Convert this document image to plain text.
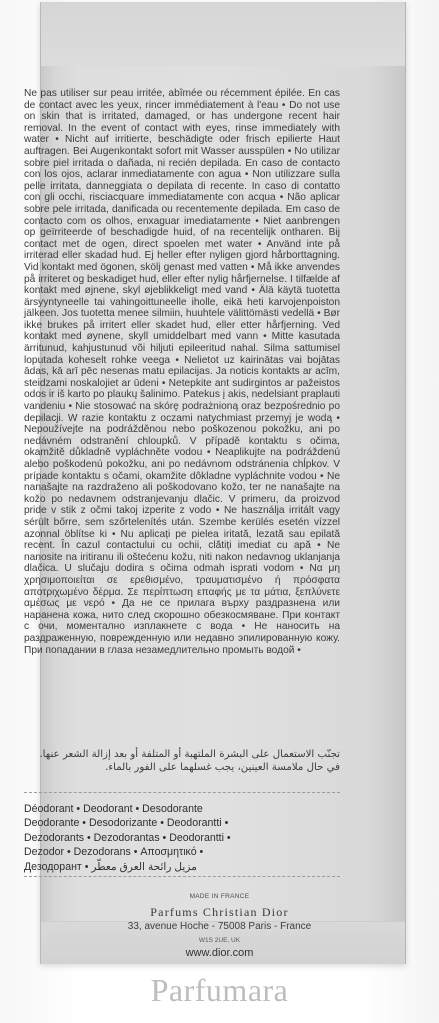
Ne pas utiliser sur peau irritée, abîmée ou récemment épilée. En cas de contact avec les yeux, rincer immédiatement à l'eau • Do not use on skin that is irritated, damaged, or has undergone recent hair removal. In the event of contact with eyes, rinse immediately with water • Nicht auf irritierte, beschädigte oder frisch epilierte Haut auftragen. Bei Augenkontakt sofort mit Wasser ausspülen • No utilizar sobre piel irritada o dañada, ni recién depilada. En caso de contacto con los ojos, aclarar inmediatamente con agua • Non utilizzare sulla pelle irritata, danneggiata o depilata di recente. In caso di contatto con gli occhi, risciacquare immediatamente con acqua • Não aplicar sobre pele irritada, danificada ou recentemente depilada. Em caso de contacto com os olhos, enxaguar imediatamente • Niet aanbrengen op geïrriteerde of beschadigde huid, of na recentelijk ontharen. Bij contact met de ogen, direct spoelen met water • Använd inte på irriterad eller skadad hud. Ej heller efter nyligen gjord hårborttagning. Vid kontakt med ögonen, skölj genast med vatten • Må ikke anvendes på irriteret og beskadiget hud, eller efter nylig hårfjernelse. I tilfælde af kontakt med øjnene, skyl øjeblikkeligt med vand • Älä käytä tuotetta ärsyyntyneelle tai vahingoittuneelle iholle, eikä heti karvojenpoiston jälkeen. Jos tuotetta menee silmiin, huuhtele välittömästi vedellä • Bør ikke brukes på irritert eller skadet hud, eller etter hårfjerning. Ved kontakt med øynene, skyll umiddelbart med vann • Mitte kasutada ärritunud, kahjustunud või hiljuti epileeritud nahal. Silma sattumisel loputada koheselt rohke veega • Nelietot uz kairinātas vai bojātas ādas, kā arī pēc nesenas matu epilacijas. Ja noticis kontakts ar acīm, steidzami noskalojiet ar ūdeni • Netepkite ant sudirgintos ar pažeistos odos ir iš karto po plaukų šalinimo. Patekus į akis, nedelsiant praplauti vandeniu • Nie stosować na skórę podrażnioną oraz bezpośrednio po depilacji. W razie kontaktu z oczami natychmiast przemyj je wodą • Nepoužívejte na podrážděnou nebo poškozenou pokožku, ani po nedávném odstranění chloupků. V případě kontaktu s očima, okamžitě důkladně vypláchněte vodou • Neaplikujte na podráždenú alebo poškodenú pokožku, ani po nedávnom odstránenia chĺpkov. V prípade kontaktu s očami, okamžite dôkladne vypláchnite vodou • Ne nanašajte na razdraženo ali poškodovano kožo, ter ne nanašajte na kožo po nedavnem odstranjevanju dlačic. V primeru, da proizvod pride v stik z očmi takoj izperite z vodo • Ne használja irritált vagy sérült bőrre, sem szőrtelenítés után. Szembe kerülés esetén vízzel azonnal öblítse ki • Nu aplicați pe pielea iritată, lezată sau epilată recent. În cazul contactului cu ochii, clătiți imediat cu apă • Ne nanosite na iritiranu ili oštećenu kožu, niti nakon nedavnog uklanjanja dlačica. U slučaju dodira s očima odmah isprati vodom • Να μη χρησιμοποιείται σε ερεθισμένο, τραυματισμένο ή πρόσφατα αποτριχωμένο δέρμα. Σε περίπτωση επαφής με τα μάτια, ξεπλύνετε αμέσως με νερό • Да не се прилага върху раздразнена или наранена кожа, нито след скорошно обезкосмяване. При контакт с очи, моментално изплакнете с вода • Не наносить на раздраженную, поврежденную или недавно эпилированную кожу. При попадании в глаза незамедлительно промыть водой •

تجنّب الاستعمال على البشرة الملتهبة أو المتلفة أو بعد إزالة الشعر عنها. في حال ملامسة العينين، يجب غسلهما على الفور بالماء.

Déodorant • Deodorant • Desodorante
Deodorante • Desodorizante • Deodorantti •
Dezodorants • Dezodorantas • Deodorantti •
Dezodor • Dezodorans • Αποσμητικό •
Дезодорант • مزيل رائحة العرق معطّر
MADE IN FRANCE
Parfums Christian Dior
33, avenue Hoche - 75008 Paris - France
W1S 2UE, UK
www.dior.com
Parfumara
